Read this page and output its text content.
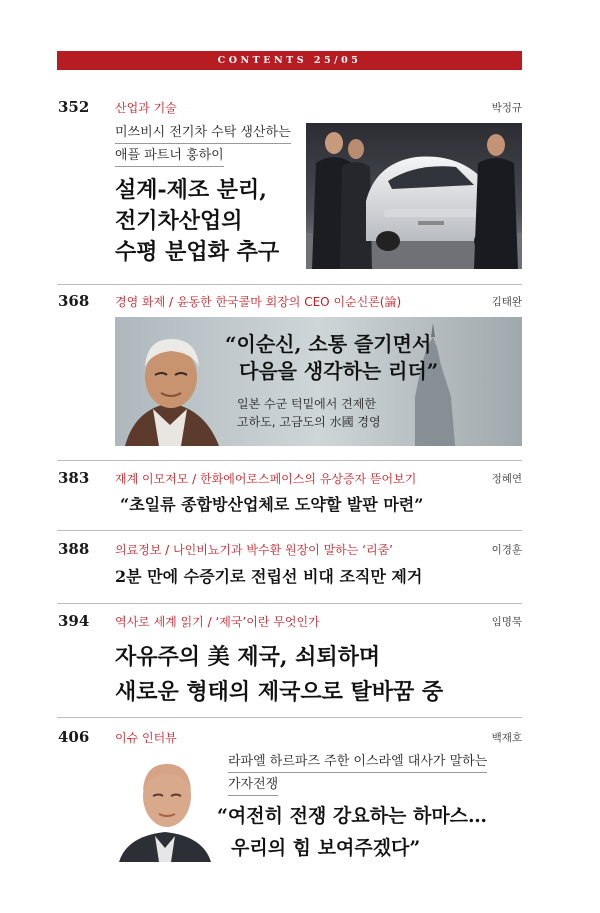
CONTENTS 25/05
352 산업과 기술	박정규
미쓰비시 전기차 수탁 생산하는
애플 파트너 훙하이
설계-제조 분리,
전기차산업의
수평 분업화 추구
368 경영 화제 / 윤동한 한국콜마 회장의 CEO 이순신론(論)	김태완
“이순신, 소통 즐기면서
다음을 생각하는 리더”
일본 수군 턱밑에서 견제한
고하도, 고금도의 水國 경영
383 재계 이모저모 / 한화에어로스페이스의 유상증자 뜯어보기	정혜연
“초일류 종합방산업체로 도약할 발판 마련”
388 의료정보 / 나인비뇨기과 박수환 원장이 말하는 ‘리줌’	이경훈
2분 만에 수증기로 전립선 비대 조직만 제거
394 역사로 세계 읽기 / ‘제국’이란 무엇인가	임명묵
자유주의 美 제국, 쇠퇴하며
새로운 형태의 제국으로 탈바꿈 중
406 이슈 인터뷰	백재호
라파엘 하르파즈 주한 이스라엘 대사가 말하는
가자전쟁
“여전히 전쟁 강요하는 하마스…
우리의 힘 보여주겠다”
